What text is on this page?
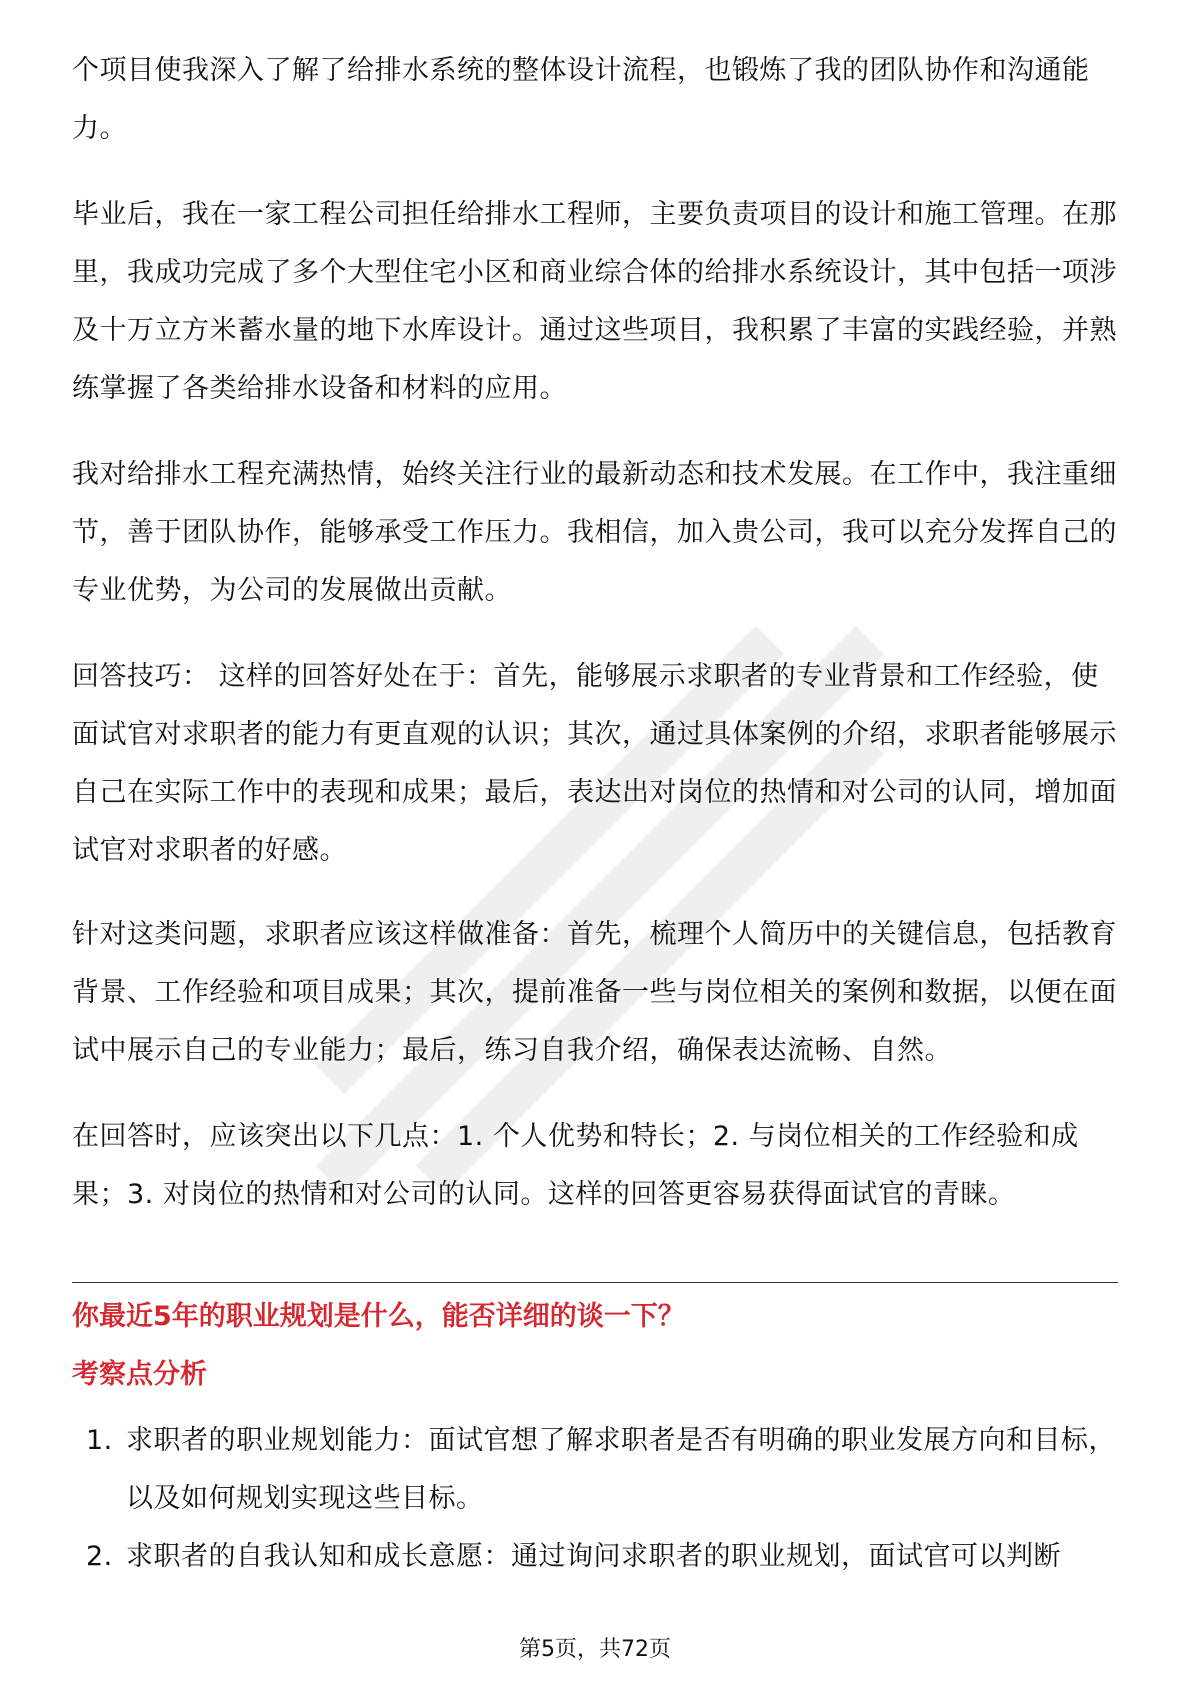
个项目使我深入了解了给排水系统的整体设计流程，也锻炼了我的团队协作和沟通能力。

毕业后，我在一家工程公司担任给排水工程师，主要负责项目的设计和施工管理。在那里，我成功完成了多个大型住宅小区和商业综合体的给排水系统设计，其中包括一项涉及十万立方米蓄水量的地下水库设计。通过这些项目，我积累了丰富的实践经验，并熟练掌握了各类给排水设备和材料的应用。

我对给排水工程充满热情，始终关注行业的最新动态和技术发展。在工作中，我注重细节，善于团队协作，能够承受工作压力。我相信，加入贵公司，我可以充分发挥自己的专业优势，为公司的发展做出贡献。

回答技巧： 这样的回答好处在于：首先，能够展示求职者的专业背景和工作经验，使面试官对求职者的能力有更直观的认识；其次，通过具体案例的介绍，求职者能够展示自己在实际工作中的表现和成果；最后，表达出对岗位的热情和对公司的认同，增加面试官对求职者的好感。

针对这类问题，求职者应该这样做准备：首先，梳理个人简历中的关键信息，包括教育背景、工作经验和项目成果；其次，提前准备一些与岗位相关的案例和数据，以便在面试中展示自己的专业能力；最后，练习自我介绍，确保表达流畅、自然。

在回答时，应该突出以下几点：1. 个人优势和特长；2. 与岗位相关的工作经验和成果；3. 对岗位的热情和对公司的认同。这样的回答更容易获得面试官的青睐。

你最近5年的职业规划是什么，能否详细的谈一下？
考察点分析
1. 求职者的职业规划能力：面试官想了解求职者是否有明确的职业发展方向和目标，以及如何规划实现这些目标。
2. 求职者的自我认知和成长意愿：通过询问求职者的职业规划，面试官可以判断
第5页，共72页
